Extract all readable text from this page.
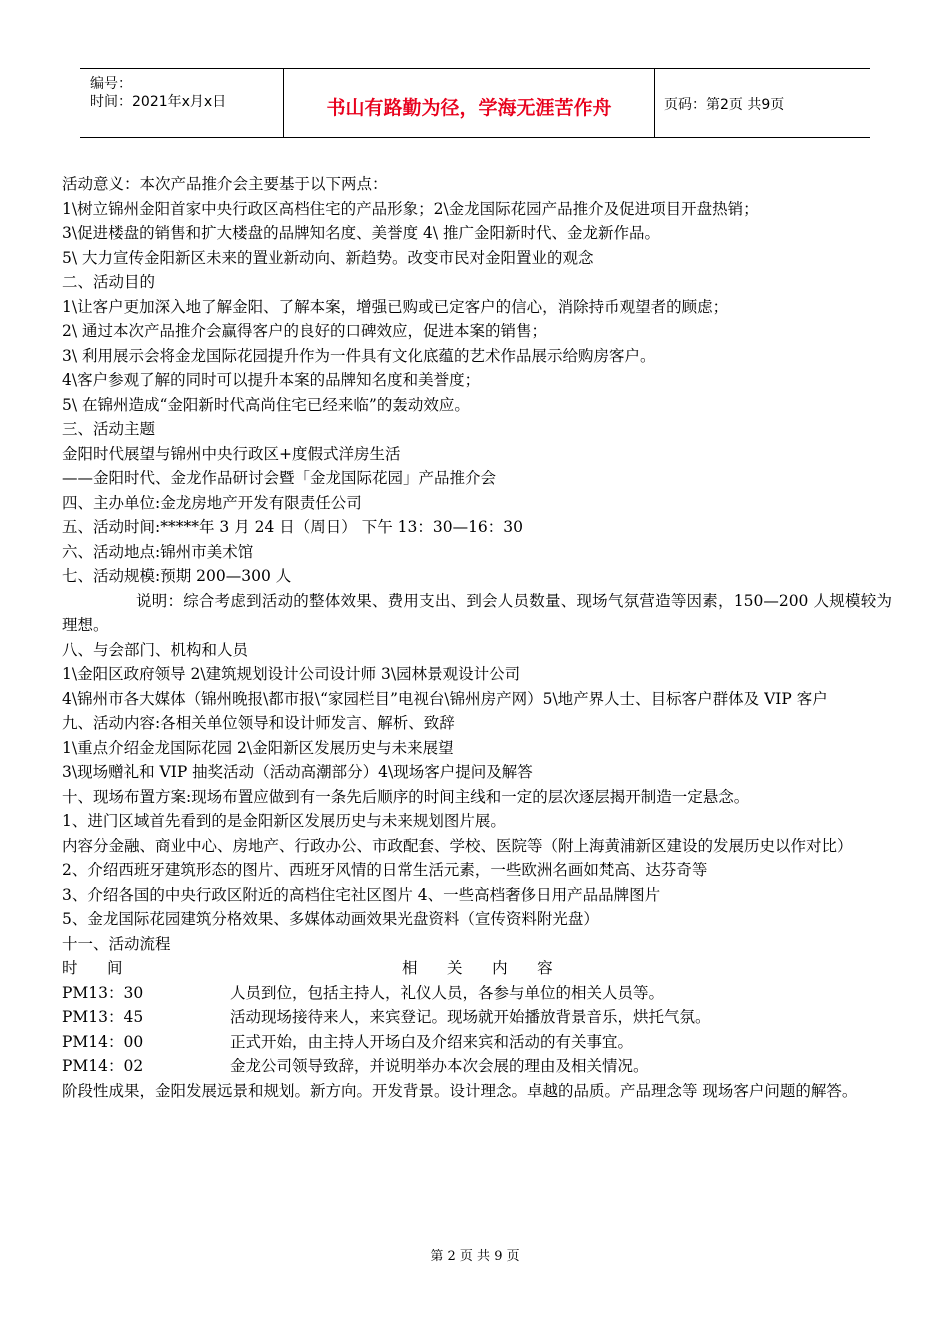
编号：
时间：2021年x月x日	书山有路勤为径，学海无涯苦作舟	页码：第2页 共9页
活动意义：本次产品推介会主要基于以下两点：
1\树立锦州金阳首家中央行政区高档住宅的产品形象；2\金龙国际花园产品推介及促进项目开盘热销；
3\促进楼盘的销售和扩大楼盘的品牌知名度、美誉度 4\ 推广金阳新时代、金龙新作品。
5\ 大力宣传金阳新区未来的置业新动向、新趋势。改变市民对金阳置业的观念
二、活动目的
1\让客户更加深入地了解金阳、了解本案，增强已购或已定客户的信心，消除持币观望者的顾虑；
2\ 通过本次产品推介会赢得客户的良好的口碑效应，促进本案的销售；
3\ 利用展示会将金龙国际花园提升作为一件具有文化底蕴的艺术作品展示给购房客户。
4\客户参观了解的同时可以提升本案的品牌知名度和美誉度；
5\ 在锦州造成“金阳新时代高尚住宅已经来临”的轰动效应。
三、活动主题
金阳时代展望与锦州中央行政区+度假式洋房生活
——金阳时代、金龙作品研讨会暨「金龙国际花园」产品推介会
四、主办单位:金龙房地产开发有限责任公司
五、活动时间:*****年 3 月 24 日（周日） 下午 13：30—16：30
六、活动地点:锦州市美术馆
七、活动规模:预期 200—300 人
说明：综合考虑到活动的整体效果、费用支出、到会人员数量、现场气氛营造等因素，150—200 人规模较为理想。
八、与会部门、机构和人员
1\金阳区政府领导 2\建筑规划设计公司设计师 3\园林景观设计公司
4\锦州市各大媒体（锦州晚报\都市报\“家园栏目”电视台\锦州房产网）5\地产界人士、目标客户群体及 VIP 客户
九、活动内容:各相关单位领导和设计师发言、解析、致辞
1\重点介绍金龙国际花园 2\金阳新区发展历史与未来展望
3\现场赠礼和 VIP 抽奖活动（活动高潮部分）4\现场客户提问及解答
十、现场布置方案:现场布置应做到有一条先后顺序的时间主线和一定的层次逐层揭开制造一定悬念。
1、进门区域首先看到的是金阳新区发展历史与未来规划图片展。
内容分金融、商业中心、房地产、行政办公、市政配套、学校、医院等（附上海黄浦新区建设的发展历史以作对比）
2、介绍西班牙建筑形态的图片、西班牙风情的日常生活元素，一些欧洲名画如梵高、达芬奇等
3、介绍各国的中央行政区附近的高档住宅社区图片 4、一些高档奢侈日用产品品牌图片
5、金龙国际花园建筑分格效果、多媒体动画效果光盘资料（宣传资料附光盘）
十一、活动流程
时      间	相      关      内      容
PM13：30	人员到位，包括主持人，礼仪人员，各参与单位的相关人员等。
PM13：45	活动现场接待来人，来宾登记。现场就开始播放背景音乐，烘托气氛。
PM14：00	正式开始，由主持人开场白及介绍来宾和活动的有关事宜。
PM14：02	金龙公司领导致辞，并说明举办本次会展的理由及相关情况。
阶段性成果，金阳发展远景和规划。新方向。开发背景。设计理念。卓越的品质。产品理念等 现场客户问题的解答。
第 2 页 共 9 页
